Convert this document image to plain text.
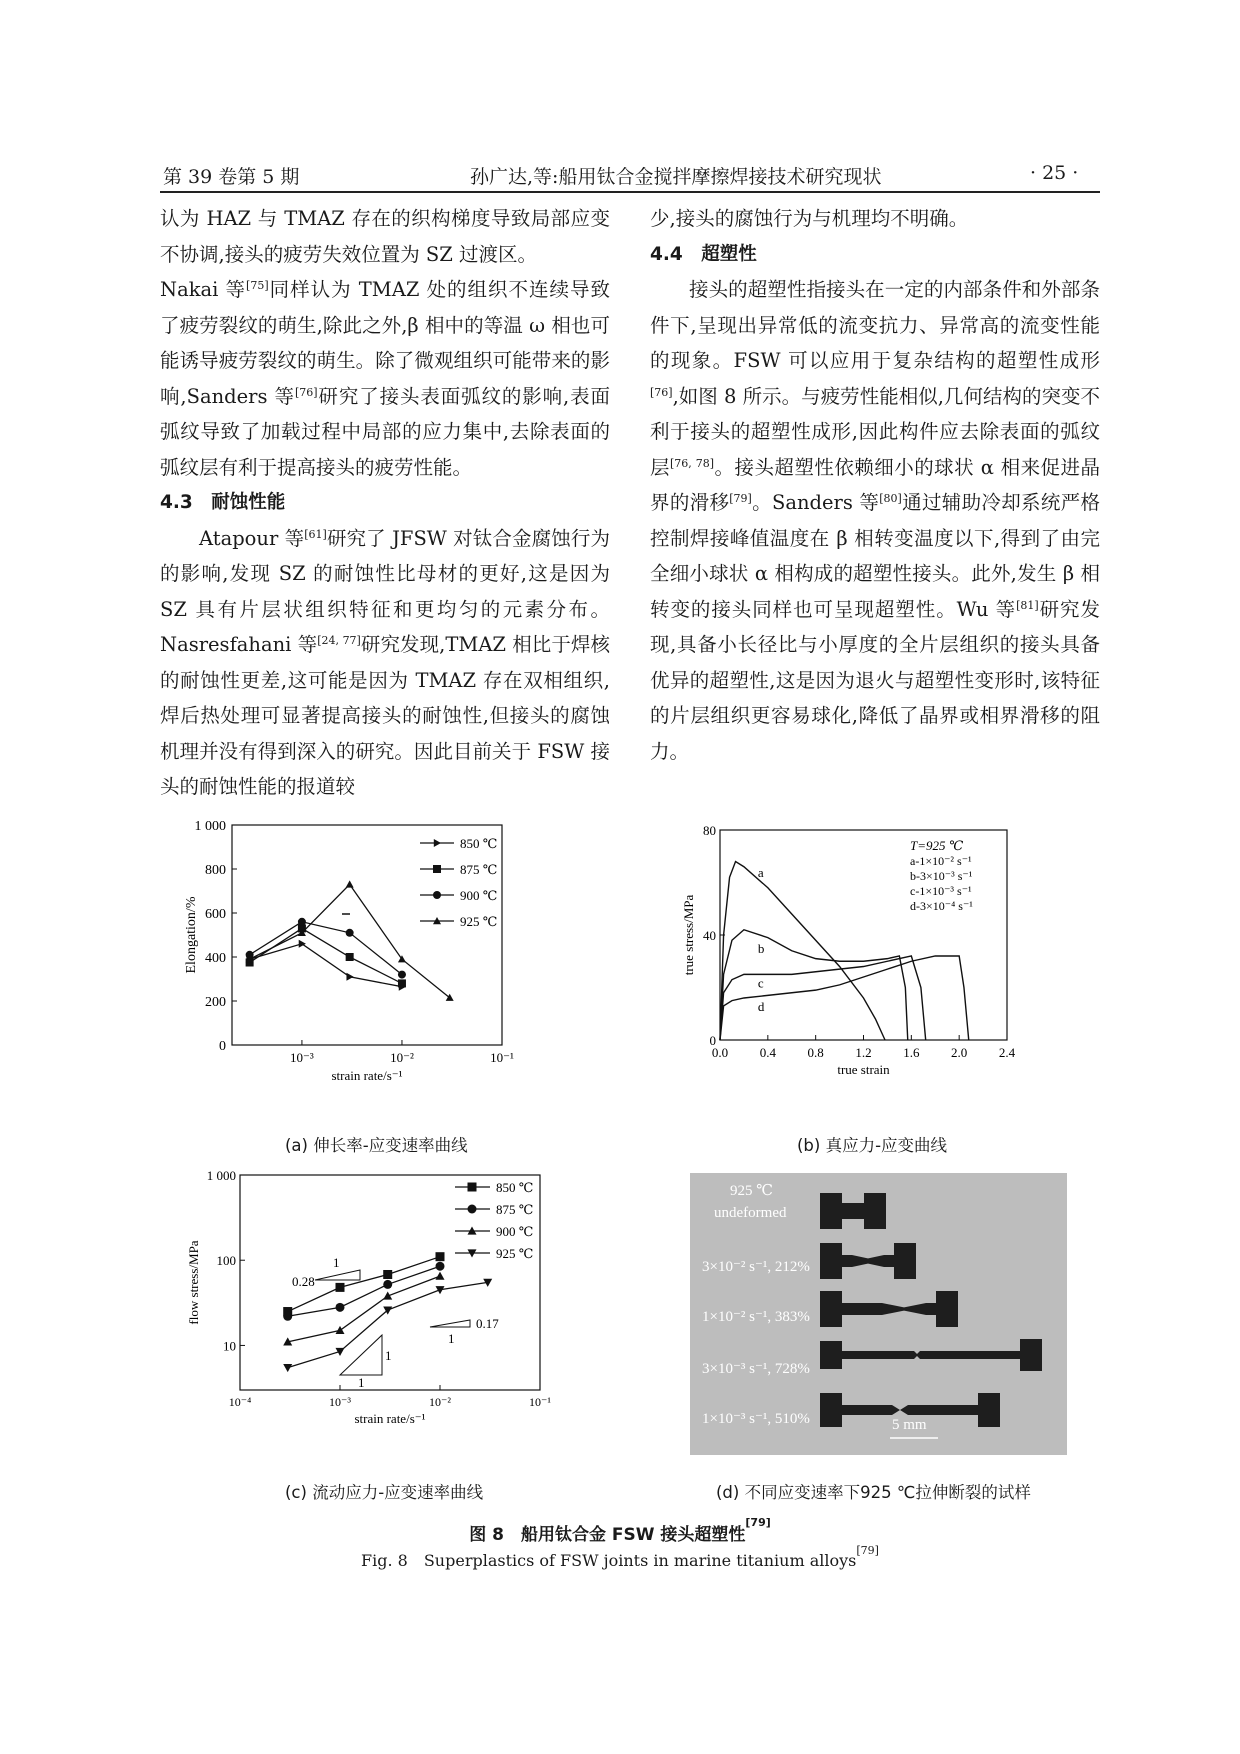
第 39 卷第 5 期	孙广达,等:船用钛合金搅拌摩擦焊接技术研究现状	· 25 ·

认为 HAZ 与 TMAZ 存在的织构梯度导致局部应变不协调,接头的疲劳失效位置为 SZ 过渡区。

Nakai 等[75]同样认为 TMAZ 处的组织不连续导致了疲劳裂纹的萌生,除此之外,β 相中的等温 ω 相也可能诱导疲劳裂纹的萌生。除了微观组织可能带来的影响,Sanders 等[76]研究了接头表面弧纹的影响,表面弧纹导致了加载过程中局部的应力集中,去除表面的弧纹层有利于提高接头的疲劳性能。

4.3　耐蚀性能

Atapour 等[61]研究了 JFSW 对钛合金腐蚀行为的影响,发现 SZ 的耐蚀性比母材的更好,这是因为 SZ 具有片层状组织特征和更均匀的元素分布。Nasresfahani 等[24, 77]研究发现,TMAZ 相比于焊核的耐蚀性更差,这可能是因为 TMAZ 存在双相组织,焊后热处理可显著提高接头的耐蚀性,但接头的腐蚀机理并没有得到深入的研究。因此目前关于 FSW 接头的耐蚀性能的报道较

少,接头的腐蚀行为与机理均不明确。

4.4　超塑性

接头的超塑性指接头在一定的内部条件和外部条件下,呈现出异常低的流变抗力、异常高的流变性能的现象。FSW 可以应用于复杂结构的超塑性成形[76],如图 8 所示。与疲劳性能相似,几何结构的突变不利于接头的超塑性成形,因此构件应去除表面的弧纹层[76, 78]。接头超塑性依赖细小的球状 α 相来促进晶界的滑移[79]。Sanders 等[80]通过辅助冷却系统严格控制焊接峰值温度在 β 相转变温度以下,得到了由完全细小球状 α 相构成的超塑性接头。此外,发生 β 相转变的接头同样也可呈现超塑性。Wu 等[81]研究发现,具备小长径比与小厚度的全片层组织的接头具备优异的超塑性,这是因为退火与超塑性变形时,该特征的片层组织更容易球化,降低了晶界或相界滑移的阻力。

0
200
400
600
800
1 000
10⁻³	10⁻²	10⁻¹
strain rate/s⁻¹
Elongation/%
850 ℃
875 ℃
900 ℃
925 ℃
0.0 0.4 0.8 1.2 1.6 2.0 2.4
0
40
80
true strain
true stress/MPa
a
b
c
d
T=925 ℃
a-1×10⁻² s⁻¹
b-3×10⁻³ s⁻¹
c-1×10⁻³ s⁻¹
d-3×10⁻⁴ s⁻¹
10
100
1 000
10⁻⁴	10⁻³	10⁻²	10⁻¹
strain rate/s⁻¹
flow stress/MPa
850 ℃
875 ℃
900 ℃
925 ℃
0.28
1
0.17
1
1
1
925 ℃
undeformed
3×10⁻² s⁻¹, 212%
1×10⁻² s⁻¹, 383%
3×10⁻³ s⁻¹, 728%
1×10⁻³ s⁻¹, 510%	5 mm
(a) 伸长率-应变速率曲线	(b) 真应力-应变曲线
(c) 流动应力-应变速率曲线	(d) 不同应变速率下925 ℃拉伸断裂的试样
图 8　船用钛合金 FSW 接头超塑性[79]
Fig. 8　Superplastics of FSW joints in marine titanium alloys[79]
